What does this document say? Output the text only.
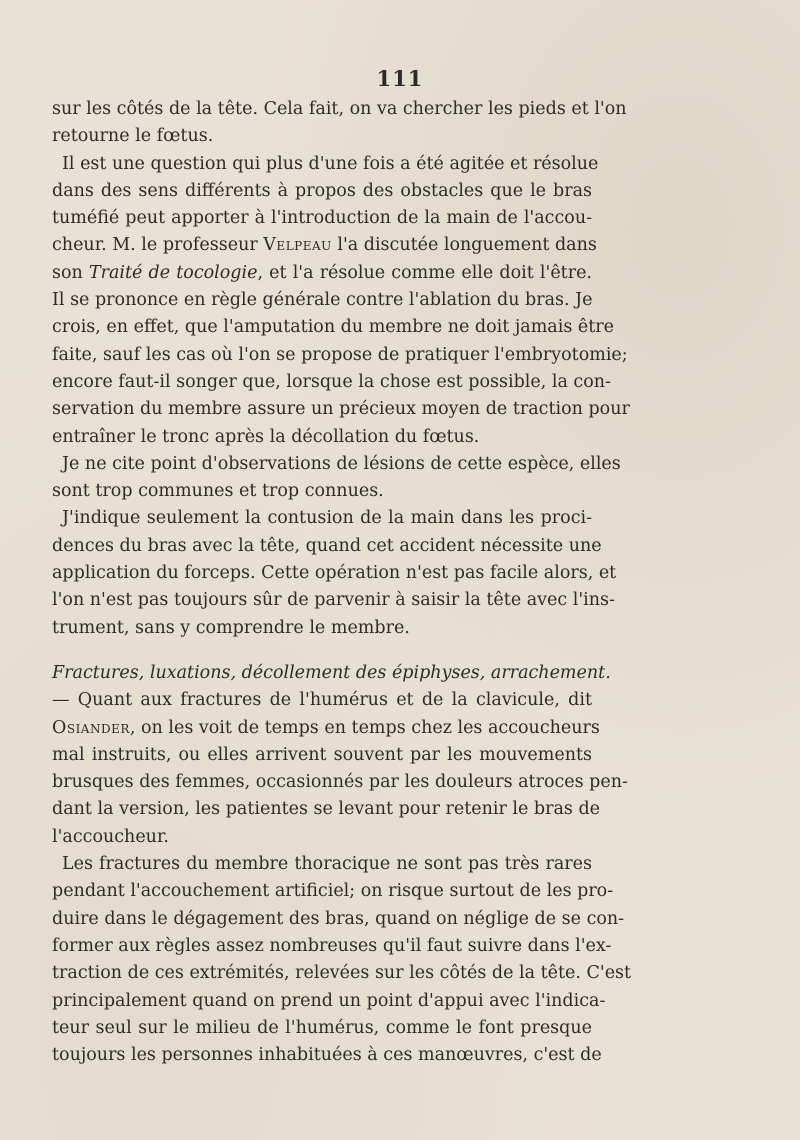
111
sur les côtés de la tête. Cela fait, on va chercher les pieds et l'on
retourne le fœtus.
Il est une question qui plus d'une fois a été agitée et résolue
dans des sens différents à propos des obstacles que le bras
tuméfié peut apporter à l'introduction de la main de l'accou-
cheur. M. le professeur Velpeau l'a discutée longuement dans
son Traité de tocologie, et l'a résolue comme elle doit l'être.
Il se prononce en règle générale contre l'ablation du bras. Je
crois, en effet, que l'amputation du membre ne doit jamais être
faite, sauf les cas où l'on se propose de pratiquer l'embryotomie;
encore faut-il songer que, lorsque la chose est possible, la con-
servation du membre assure un précieux moyen de traction pour
entraîner le tronc après la décollation du fœtus.
Je ne cite point d'observations de lésions de cette espèce, elles
sont trop communes et trop connues.
J'indique seulement la contusion de la main dans les proci-
dences du bras avec la tête, quand cet accident nécessite une
application du forceps. Cette opération n'est pas facile alors, et
l'on n'est pas toujours sûr de parvenir à saisir la tête avec l'ins-
trument, sans y comprendre le membre.
Fractures, luxations, décollement des épiphyses, arrachement.
— Quant aux fractures de l'humérus et de la clavicule, dit
Osiander, on les voit de temps en temps chez les accoucheurs
mal instruits, ou elles arrivent souvent par les mouvements
brusques des femmes, occasionnés par les douleurs atroces pen-
dant la version, les patientes se levant pour retenir le bras de
l'accoucheur.
Les fractures du membre thoracique ne sont pas très rares
pendant l'accouchement artificiel; on risque surtout de les pro-
duire dans le dégagement des bras, quand on néglige de se con-
former aux règles assez nombreuses qu'il faut suivre dans l'ex-
traction de ces extrémités, relevées sur les côtés de la tête. C'est
principalement quand on prend un point d'appui avec l'indica-
teur seul sur le milieu de l'humérus, comme le font presque
toujours les personnes inhabituées à ces manœuvres, c'est de
